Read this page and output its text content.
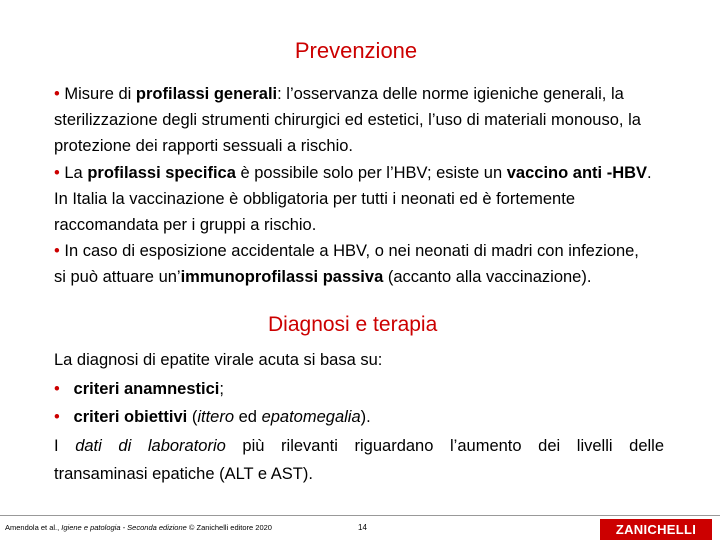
Prevenzione
• Misure di profilassi generali: l’osservanza delle norme igieniche generali, la sterilizzazione degli strumenti chirurgici ed estetici, l’uso di materiali monouso, la protezione dei rapporti sessuali a rischio.
• La profilassi specifica è possibile solo per l’HBV; esiste un vaccino anti -HBV. In Italia la vaccinazione è obbligatoria per tutti i neonati ed è fortemente raccomandata per i gruppi a rischio.
• In caso di esposizione accidentale a HBV, o nei neonati di madri con infezione, si può attuare un’immunoprofilassi passiva (accanto alla vaccinazione).
Diagnosi e terapia
La diagnosi di epatite virale acuta si basa su:
• criteri anamnestici;
• criteri obiettivi (ittero ed epatomegalia).
I dati di laboratorio più rilevanti riguardano l’aumento dei livelli delle
transaminasi epatiche (ALT e AST).
Amendola et al., Igiene e patologia - Seconda edizione © Zanichelli editore 2020	14	ZANICHELLI
